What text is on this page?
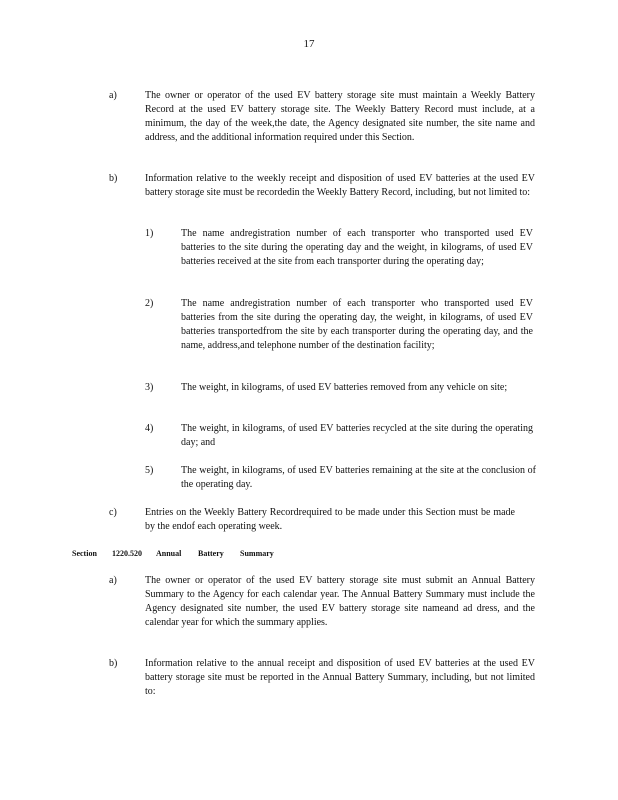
17
a)	The owner or operator of the used EV battery storage site must maintain a Weekly Battery Record at the used EV battery storage site. The Weekly Battery Record must include, at a minimum, the day of the week,the date, the Agency designated site number, the site name and address, and the additional information required under this Section.
b)	Information relative to the weekly receipt and disposition of used EV batteries at the used EV battery storage site must be recordedin the Weekly Battery Record, including, but not limited to:
1)	The name andregistration number of each transporter who transported used EV batteries to the site during the operating day and the weight, in kilograms, of used EV batteries received at the site from each transporter during the operating day;
2)	The name andregistration number of each transporter who transported used EV batteries from the site during the operating day, the weight, in kilograms, of used EV batteries transportedfrom the site by each transporter during the operating day, and the name, address,and telephone number of the destination facility;
3)	The weight, in kilograms, of used EV batteries removed from any vehicle on site;
4)	The weight, in kilograms, of used EV batteries recycled at the site during the operating day; and
5)	The weight, in kilograms, of used EV batteries remaining at the site at the conclusion of the operating day.
c)	Entries on the Weekly Battery Recordrequired to be made under this Section must be made by the endof each operating week.
Section 1220.520 Annual Battery Summary
a)	The owner or operator of the used EV battery storage site must submit an Annual Battery Summary to the Agency for each calendar year. The Annual Battery Summary must include the Agency designated site number, the used EV battery storage site nameand ad dress, and the calendar year for which the summary applies.
b)	Information relative to the annual receipt and disposition of used EV batteries at the used EV battery storage site must be reported in the Annual Battery Summary, including, but not limited to:
